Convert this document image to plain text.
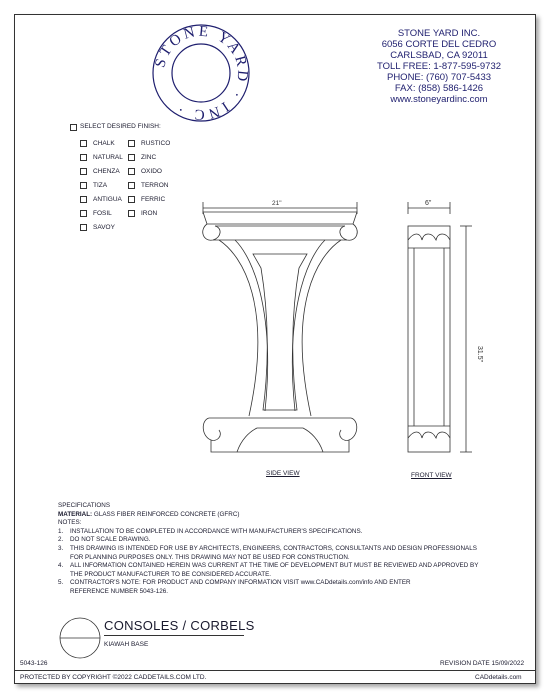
STONE YARD · INC ·
STONE YARD INC.
6056 CORTE DEL CEDRO
CARLSBAD, CA 92011
TOLL FREE: 1-877-595-9732
PHONE: (760) 707-5433
FAX: (858) 586-1426
www.stoneyardinc.com
SELECT DESIRED FINISH:
CHALK
NATURAL
CHENZA
TIZA
ANTIGUA
FOSIL
SAVOY
RUSTICO
ZINC
OXIDO
TERRON
FERRIC
IRON
21"
SIDE VIEW
6"
31.5"
FRONT VIEW
SPECIFICATIONS
MATERIAL: GLASS FIBER REINFORCED CONCRETE (GFRC)
NOTES:
1.	INSTALLATION TO BE COMPLETED IN ACCORDANCE WITH MANUFACTURER'S SPECIFICATIONS.
2.	DO NOT SCALE DRAWING.
3.	THIS DRAWING IS INTENDED FOR USE BY ARCHITECTS, ENGINEERS, CONTRACTORS, CONSULTANTS AND DESIGN PROFESSIONALS
FOR PLANNING PURPOSES ONLY. THIS DRAWING MAY NOT BE USED FOR CONSTRUCTION.
4.	ALL INFORMATION CONTAINED HEREIN WAS CURRENT AT THE TIME OF DEVELOPMENT BUT MUST BE REVIEWED AND APPROVED BY
THE PRODUCT MANUFACTURER TO BE CONSIDERED ACCURATE.
5.	CONTRACTOR'S NOTE: FOR PRODUCT AND COMPANY INFORMATION VISIT www.CADdetails.com/info AND ENTER
REFERENCE NUMBER 5043-126.
CONSOLES / CORBELS
KIAWAH BASE
5043-126	REVISION DATE 15/09/2022
PROTECTED BY COPYRIGHT ©2022 CADDETAILS.COM LTD.	CADdetails.com
